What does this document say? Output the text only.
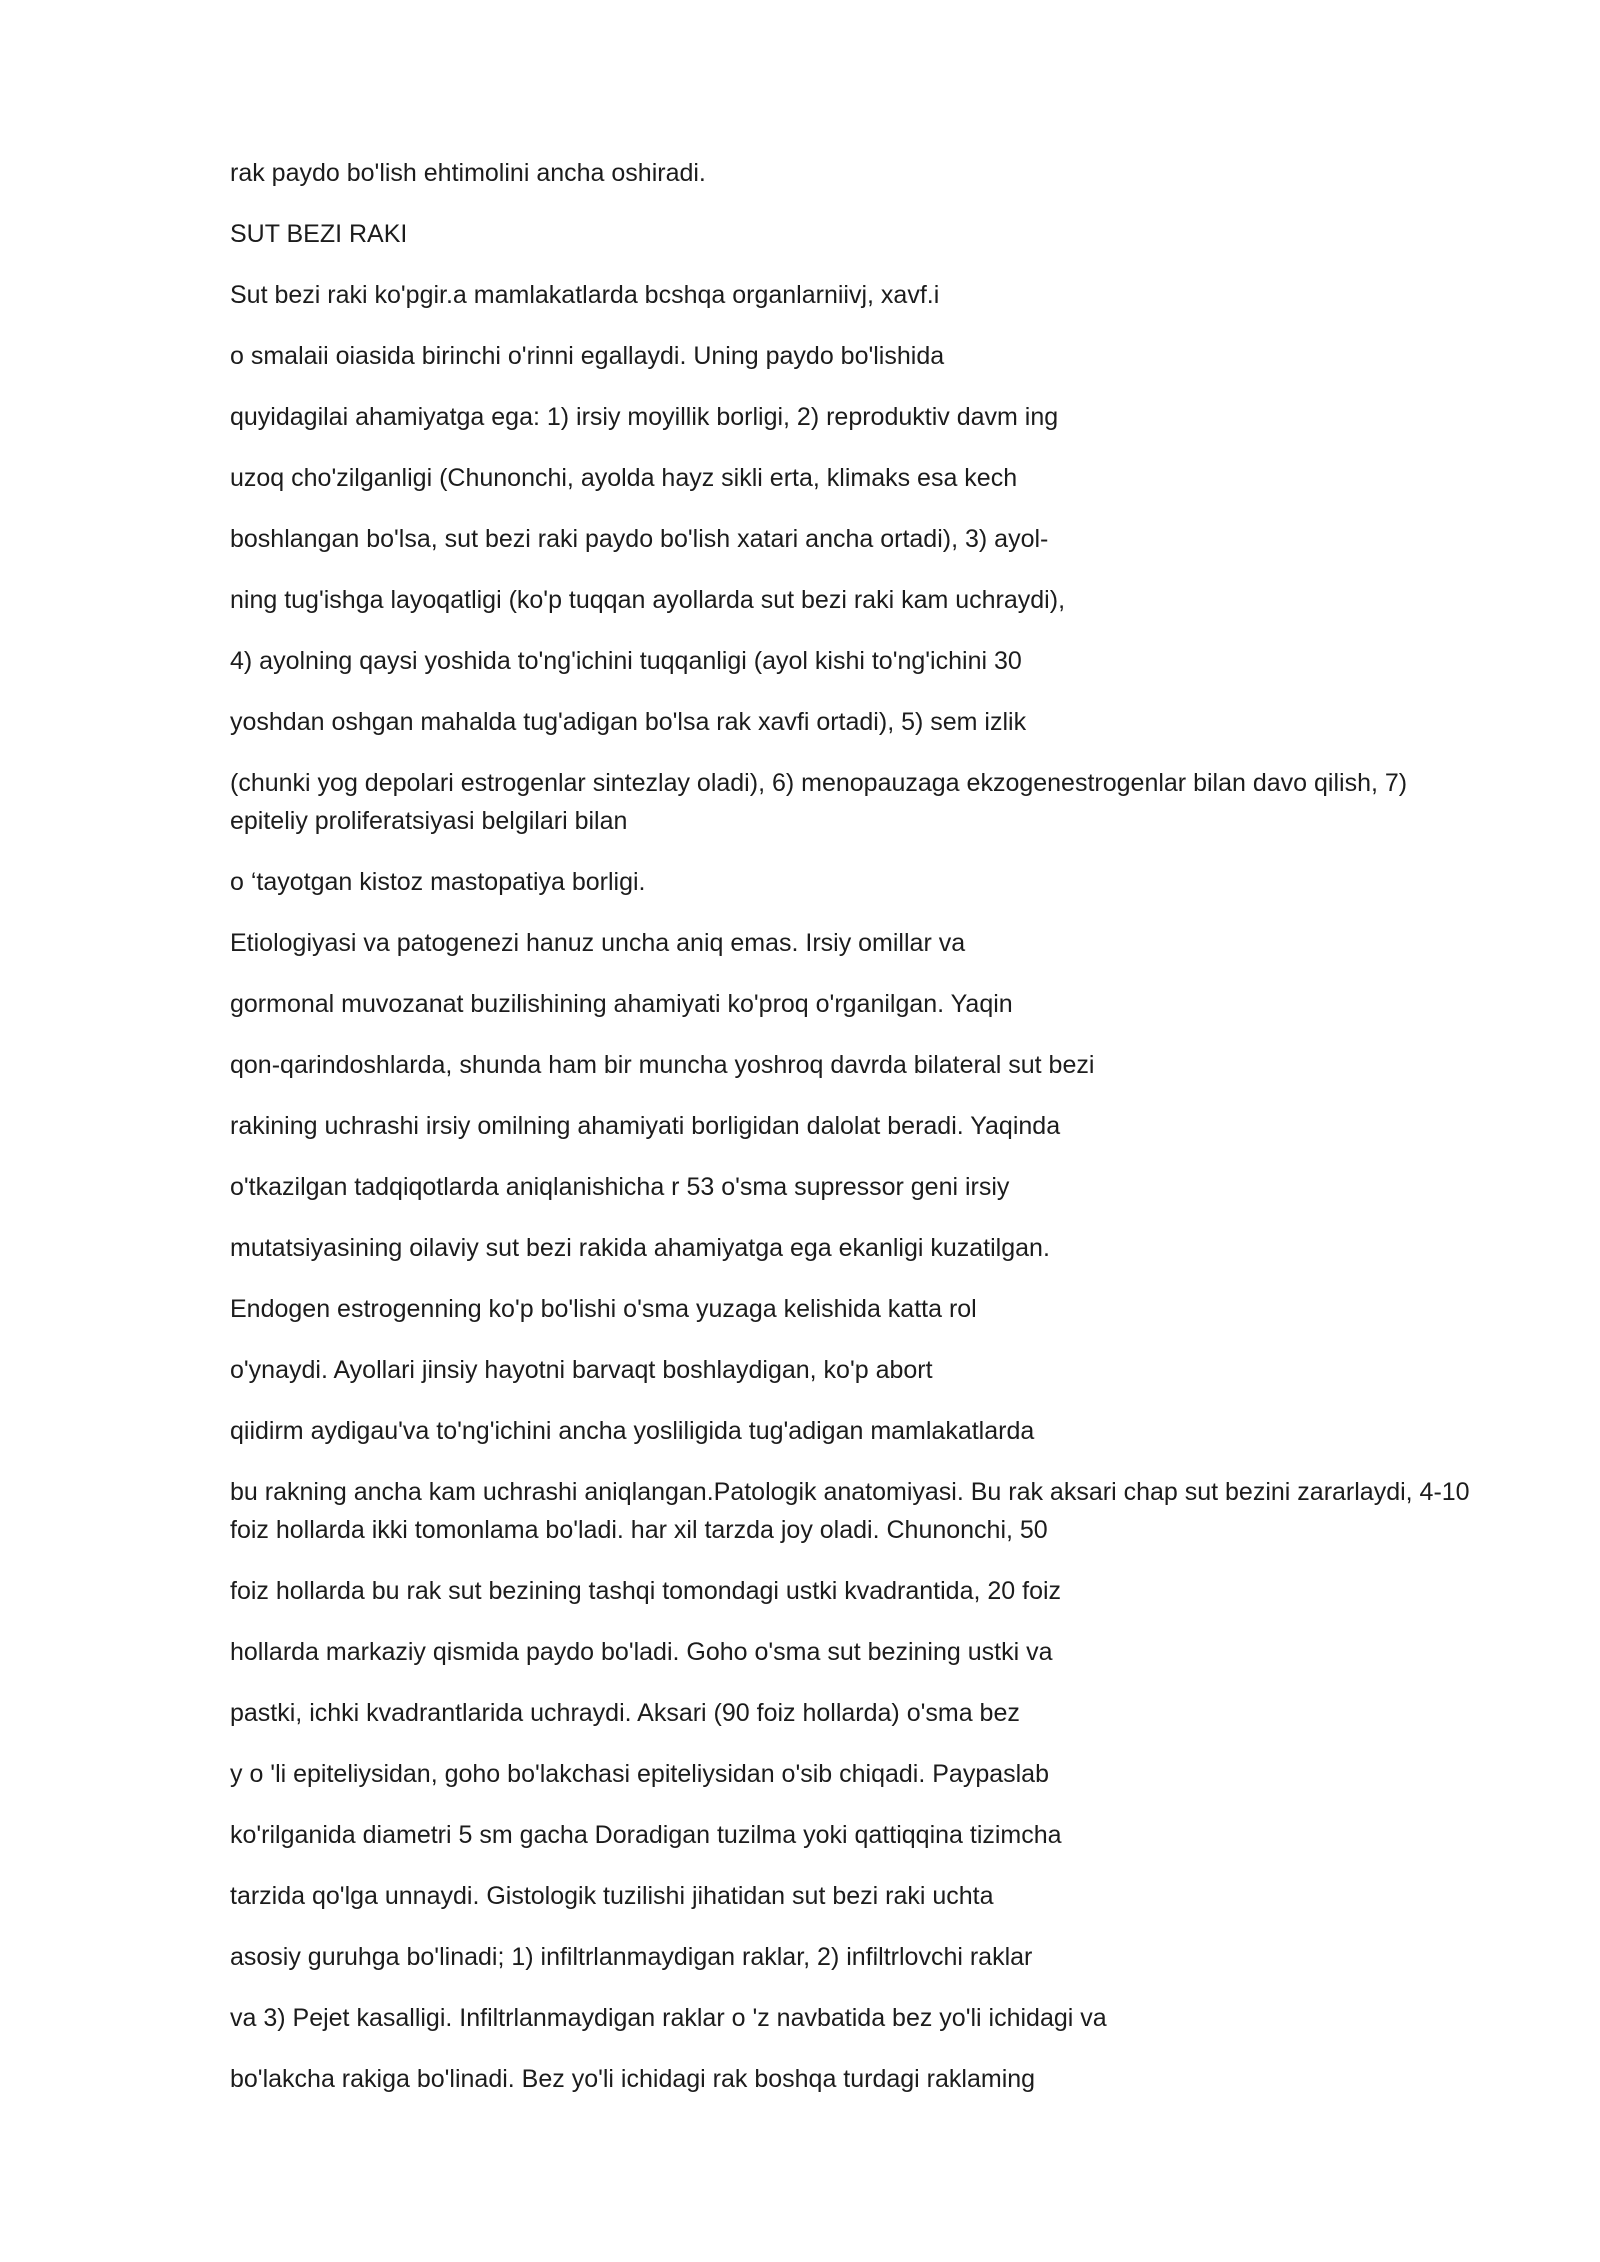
rak paydo bo'lish ehtimolini ancha oshiradi.

SUT BEZI RAKI

Sut bezi raki ko'pgir.a mamlakatlarda bcshqa organlarniivj, xavf.i

o smalaii oiasida birinchi o'rinni egallaydi. Uning paydo bo'lishida

quyidagilai ahamiyatga ega: 1) irsiy moyillik borligi, 2) reproduktiv davm ing

uzoq cho'zilganligi (Chunonchi, ayolda hayz sikli erta, klimaks esa kech

boshlangan bo'lsa, sut bezi raki paydo bo'lish xatari ancha ortadi), 3) ayol-

ning tug'ishga layoqatligi (ko'p tuqqan ayollarda sut bezi raki kam uchraydi),

4) ayolning qaysi yoshida to'ng'ichini tuqqanligi (ayol kishi to'ng'ichini 30

yoshdan oshgan mahalda tug'adigan bo'lsa rak xavfi ortadi), 5) sem izlik

(chunki yog depolari estrogenlar sintezlay oladi), 6) menopauzaga ekzogenestrogenlar bilan davo qilish, 7) epiteliy proliferatsiyasi belgilari bilan

o ‘tayotgan kistoz mastopatiya borligi.

Etiologiyasi va patogenezi hanuz uncha aniq emas. Irsiy omillar va

gormonal muvozanat buzilishining ahamiyati ko'proq o'rganilgan. Yaqin

qon-qarindoshlarda, shunda ham bir muncha yoshroq davrda bilateral sut bezi

rakining uchrashi irsiy omilning ahamiyati borligidan dalolat beradi. Yaqinda

o'tkazilgan tadqiqotlarda aniqlanishicha r 53 o'sma supressor geni irsiy

mutatsiyasining oilaviy sut bezi rakida ahamiyatga ega ekanligi kuzatilgan.

Endogen estrogenning ko'p bo'lishi o'sma yuzaga kelishida katta rol

o'ynaydi. Ayollari jinsiy hayotni barvaqt boshlaydigan, ko'p abort

qiidirm aydigau'va to'ng'ichini ancha yosliligida tug'adigan mamlakatlarda

bu rakning ancha kam uchrashi aniqlangan.Patologik anatomiyasi. Bu rak aksari chap sut bezini zararlaydi, 4-10 foiz hollarda ikki tomonlama bo'ladi. har xil tarzda joy oladi. Chunonchi, 50

foiz hollarda bu rak sut bezining tashqi tomondagi ustki kvadrantida, 20 foiz

hollarda markaziy qismida paydo bo'ladi. Goho o'sma sut bezining ustki va

pastki, ichki kvadrantlarida uchraydi. Aksari (90 foiz hollarda) o'sma bez

y o 'li epiteliysidan, goho bo'lakchasi epiteliysidan o'sib chiqadi. Paypaslab

ko'rilganida diametri 5 sm gacha Doradigan tuzilma yoki qattiqqina tizimcha

tarzida qo'lga unnaydi. Gistologik tuzilishi jihatidan sut bezi raki uchta

asosiy guruhga bo'linadi; 1) infiltrlanmaydigan raklar, 2) infiltrlovchi raklar

va 3) Pejet kasalligi. Infiltrlanmaydigan raklar o 'z navbatida bez yo'li ichidagi va

bo'lakcha rakiga bo'linadi. Bez yo'li ichidagi rak boshqa turdagi raklaming
